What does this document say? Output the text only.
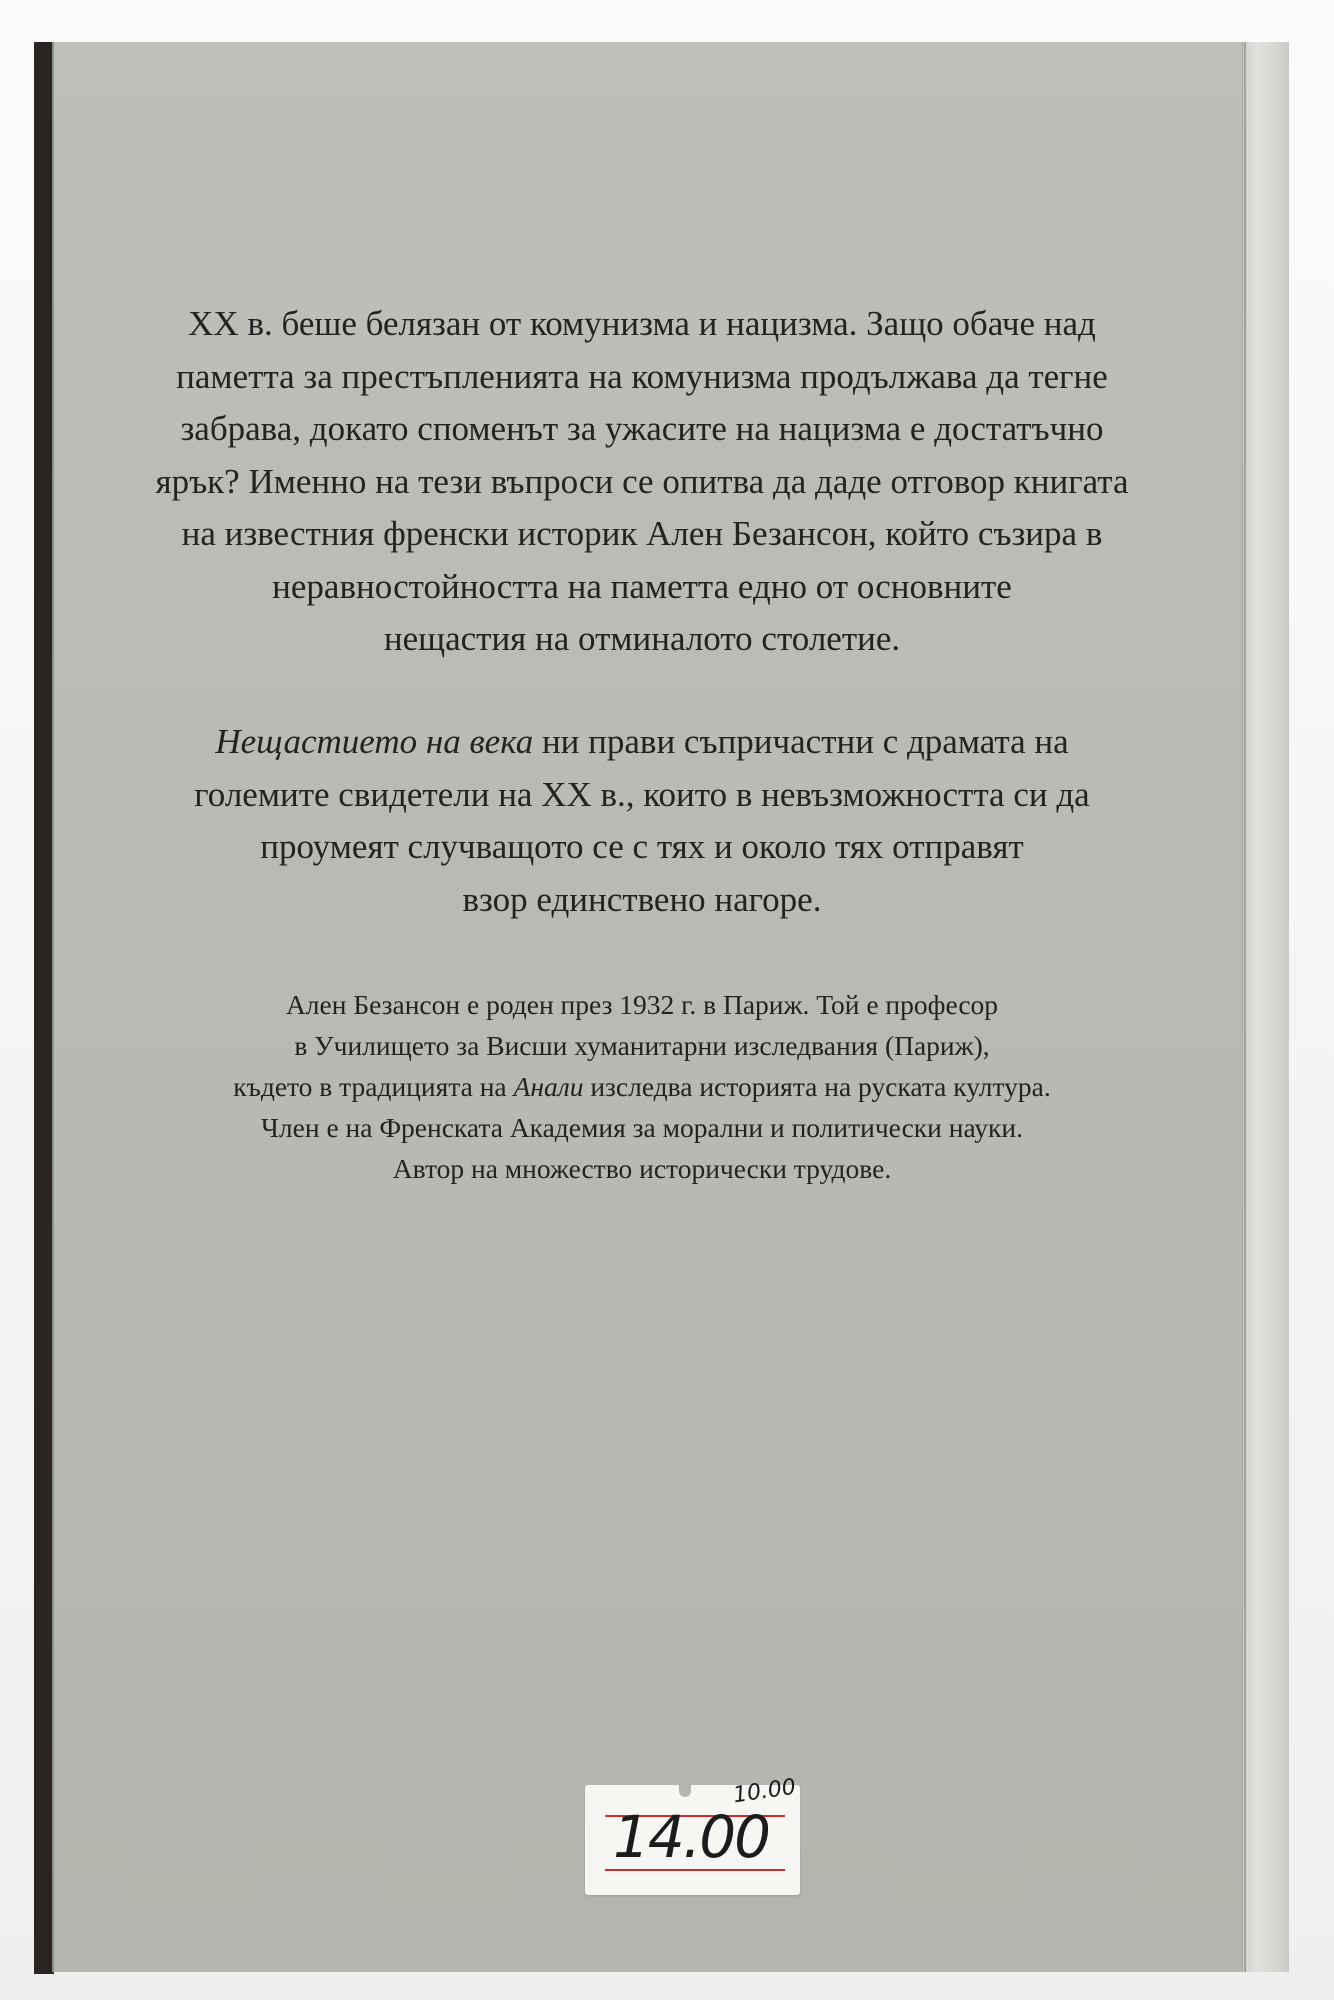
XX в. беше белязан от комунизма и нацизма. Защо обаче над
паметта за престъпленията на комунизма продължава да тегне
забрава, докато споменът за ужасите на нацизма е достатъчно
ярък? Именно на тези въпроси се опитва да даде отговор книгата
на известния френски историк Ален Безансон, който съзира в
неравностойността на паметта едно от основните
нещастия на отминалото столетие.
Нещастието на века ни прави съпричастни с драмата на
големите свидетели на XX в., които в невъзможността си да
проумеят случващото се с тях и около тях отправят
взор единствено нагоре.
Ален Безансон е роден през 1932 г. в Париж. Той е професор
в Училището за Висши хуманитарни изследвания (Париж),
където в традицията на Анали изследва историята на руската култура.
Член е на Френската Академия за морални и политически науки.
Автор на множество исторически трудове.
14.00
10.00
